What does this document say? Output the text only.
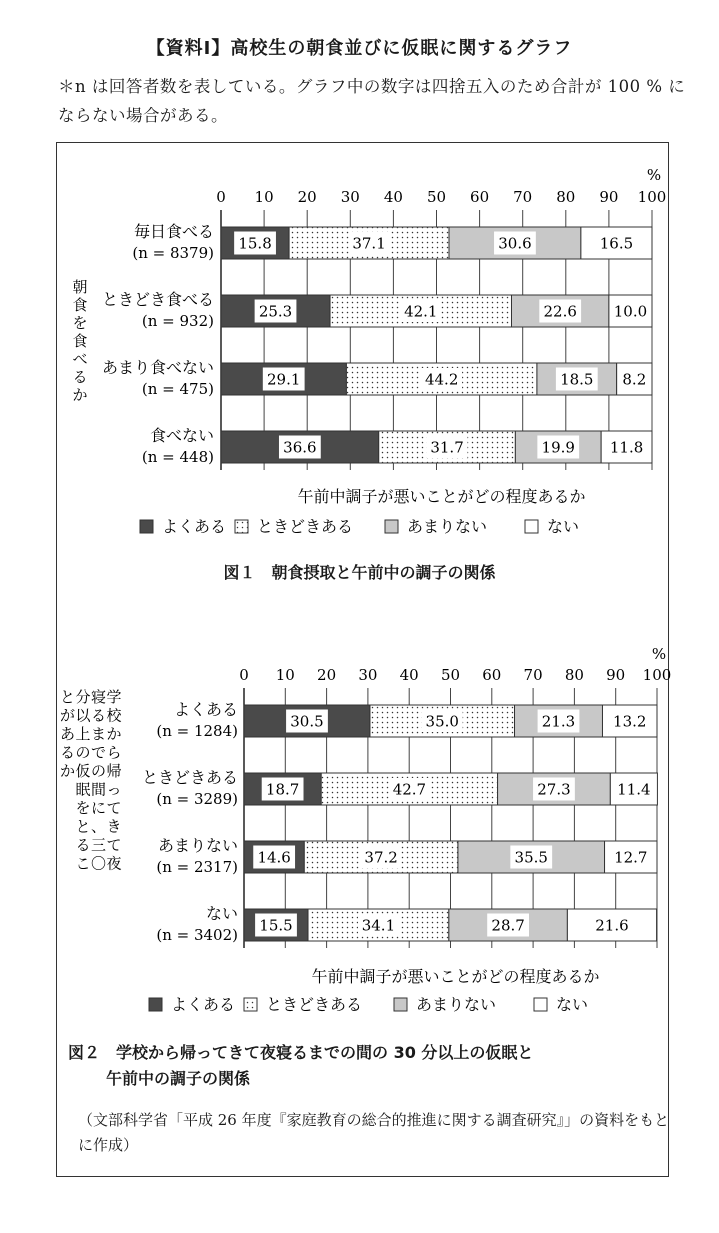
【資料Ⅰ】高校生の朝食並びに仮眠に関するグラフ
＊n は回答者数を表している。グラフ中の数字は四捨五入のため合計が 100 % にならない場合がある。
%
0 10 20 30 40 50 60 70 80 90 100
15.8	37.1	30.6	16.5
毎日食べる
(n = 8379)
25.3	42.1	22.6 10.0
ときどき食べる
(n = 932)
29.1	44.2	18.5 8.2
あまり食べない
(n = 475)
36.6	31.7	19.9 11.8
食べない
(n = 448)
午前中調子が悪いことがどの程度あるか
よくある ときどきある	あまりない	ない
朝
食
を
食
べ
る
か
図１　朝食摂取と午前中の調子の関係
%
0 10 20 30 40 50 60 70 80 90 100
30.5	35.0	21.3	13.2
よくある
(n = 1284)
18.7	42.7	27.3	11.4
ときどきある
(n = 3289)
14.6	37.2	35.5	12.7
あまりない
(n = 2317)
15.5	34.1	28.7	21.6
ない
(n = 3402)
午前中調子が悪いことがどの程度あるか
よくある ときどきある	あまりない	ない
学
校
か
ら
帰
っ
て
き
て
夜
寝
る
ま
で
の
間
に
、
三
〇
分
以
上
の
仮
眠
を
と
る
こ
と
が
あ
る
か
図２　学校から帰ってきて夜寝るまでの間の 30 分以上の仮眠と
午前中の調子の関係
（文部科学省「平成 26 年度『家庭教育の総合的推進に関する調査研究』」の資料をもとに作成）
